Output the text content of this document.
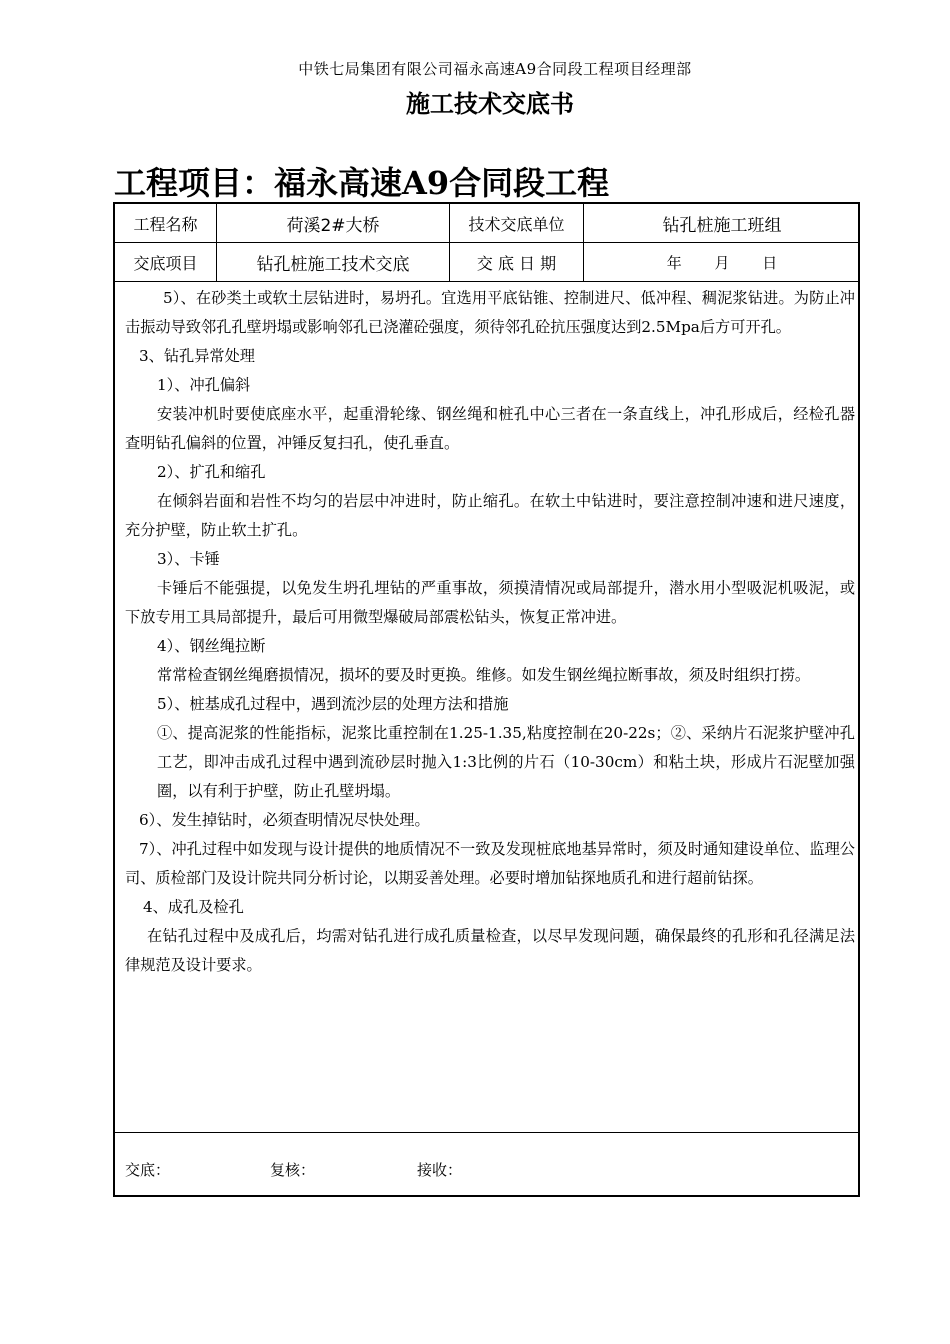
中铁七局集团有限公司福永高速A9合同段工程项目经理部
施工技术交底书
工程项目：福永高速A9合同段工程
工程名称	荷溪2#大桥	技术交底单位	钻孔桩施工班组
交底项目	钻孔桩施工技术交底	交 底 日 期	年 月 日

5）、在砂类土或软土层钻进时，易坍孔。宜选用平底钻锥、控制进尺、低冲程、稠泥浆钻进。为防止冲击振动导致邻孔孔壁坍塌或影响邻孔已浇灌砼强度，须待邻孔砼抗压强度达到2.5Mpa后方可开孔。

3、钻孔异常处理

1）、冲孔偏斜

安装冲机时要使底座水平，起重滑轮缘、钢丝绳和桩孔中心三者在一条直线上，冲孔形成后，经检孔器查明钻孔偏斜的位置，冲锤反复扫孔，使孔垂直。

2）、扩孔和缩孔

在倾斜岩面和岩性不均匀的岩层中冲进时，防止缩孔。在软土中钻进时，要注意控制冲速和进尺速度，充分护壁，防止软土扩孔。

3）、卡锤

卡锤后不能强提，以免发生坍孔埋钻的严重事故，须摸清情况或局部提升，潜水用小型吸泥机吸泥，或下放专用工具局部提升，最后可用微型爆破局部震松钻头，恢复正常冲进。

4）、钢丝绳拉断

常常检查钢丝绳磨损情况，损坏的要及时更换。维修。如发生钢丝绳拉断事故，须及时组织打捞。

5）、桩基成孔过程中，遇到流沙层的处理方法和措施

①、提高泥浆的性能指标，泥浆比重控制在1.25-1.35,粘度控制在20-22s；②、采纳片石泥浆护壁冲孔工艺，即冲击成孔过程中遇到流砂层时抛入1:3比例的片石（10-30cm）和粘土块，形成片石泥壁加强圈，以有利于护壁，防止孔壁坍塌。

6）、发生掉钻时，必须查明情况尽快处理。

7）、冲孔过程中如发现与设计提供的地质情况不一致及发现桩底地基异常时，须及时通知建设单位、监理公司、质检部门及设计院共同分析讨论，以期妥善处理。必要时增加钻探地质孔和进行超前钻探。

4、成孔及检孔

在钻孔过程中及成孔后，均需对钻孔进行成孔质量检查，以尽早发现问题，确保最终的孔形和孔径满足法律规范及设计要求。

交底：	复核：	接收：
